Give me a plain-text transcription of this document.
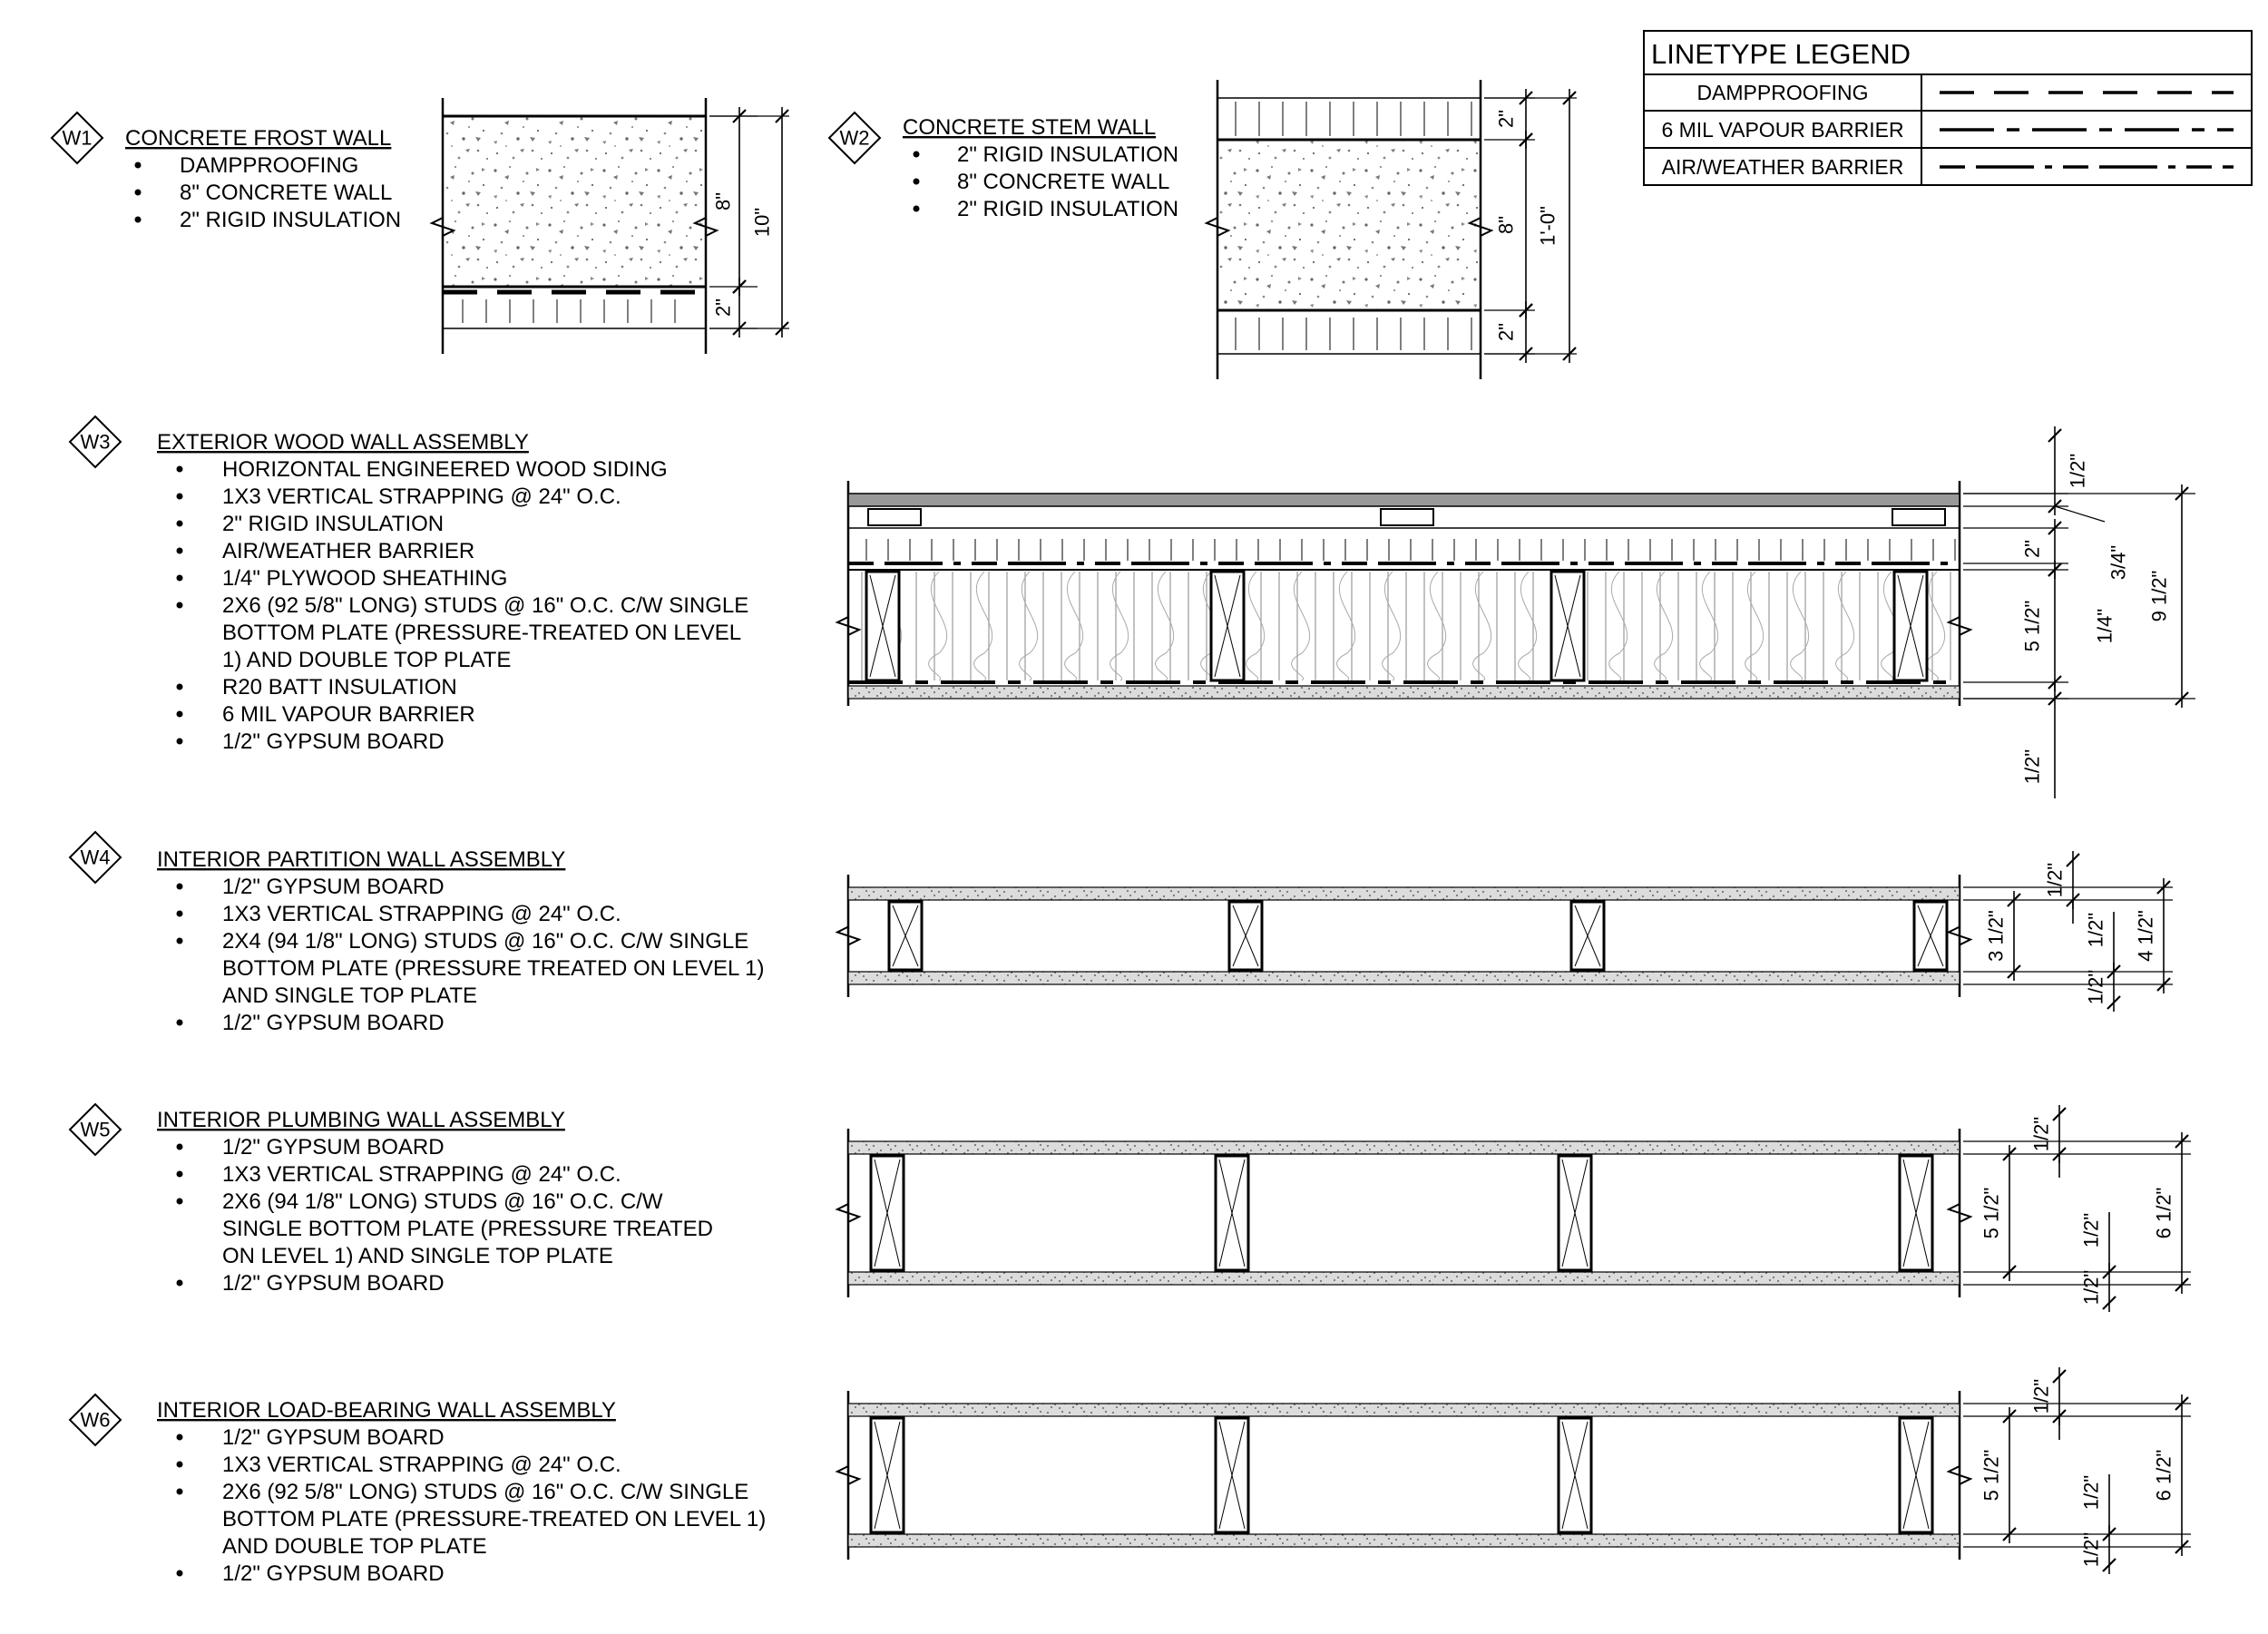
LINETYPE LEGEND
DAMPPROOFING
6 MIL VAPOUR BARRIER
AIR/WEATHER BARRIER
W1 CONCRETE FROST WALL
DAMPPROOFING
8" CONCRETE WALL
2" RIGID INSULATION
W2 CONCRETE STEM WALL
2" RIGID INSULATION
8" CONCRETE WALL
2" RIGID INSULATION
W3 EXTERIOR WOOD WALL ASSEMBLY
HORIZONTAL ENGINEERED WOOD SIDING
1X3 VERTICAL STRAPPING @ 24" O.C.
2" RIGID INSULATION
AIR/WEATHER BARRIER
1/4" PLYWOOD SHEATHING
2X6 (92 5/8" LONG) STUDS @ 16" O.C. C/W SINGLE
BOTTOM PLATE (PRESSURE-TREATED ON LEVEL
1) AND DOUBLE TOP PLATE
R20 BATT INSULATION
6 MIL VAPOUR BARRIER
1/2" GYPSUM BOARD
W4 INTERIOR PARTITION WALL ASSEMBLY
1/2" GYPSUM BOARD
1X3 VERTICAL STRAPPING @ 24" O.C.
2X4 (94 1/8" LONG) STUDS @ 16" O.C. C/W SINGLE
BOTTOM PLATE (PRESSURE TREATED ON LEVEL 1)
AND SINGLE TOP PLATE
1/2" GYPSUM BOARD
W5 INTERIOR PLUMBING WALL ASSEMBLY
1/2" GYPSUM BOARD
1X3 VERTICAL STRAPPING @ 24" O.C.
2X6 (94 1/8" LONG) STUDS @ 16" O.C. C/W
SINGLE BOTTOM PLATE (PRESSURE TREATED
ON LEVEL 1) AND SINGLE TOP PLATE
1/2" GYPSUM BOARD
W6 INTERIOR LOAD-BEARING WALL ASSEMBLY
1/2" GYPSUM BOARD
1X3 VERTICAL STRAPPING @ 24" O.C.
2X6 (92 5/8" LONG) STUDS @ 16" O.C. C/W SINGLE
BOTTOM PLATE (PRESSURE-TREATED ON LEVEL 1)
AND DOUBLE TOP PLATE
1/2" GYPSUM BOARD
8"
2"
10"
2"
8"
2"
1'-0"
1/2"
2"	3/4"
5 1/2"	1/4"
1/2"
9 1/2"
3 1/2"
1/2"
1/2"
1/2" 4 1/2"
5 1/2"
1/2"
1/2"
1/2"	6 1/2"
5 1/2"
1/2"
1/2"
1/2"	6 1/2"
